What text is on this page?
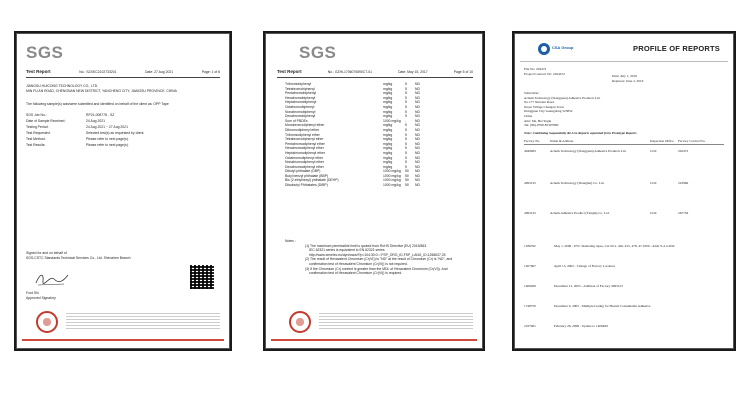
SGS
Test Report	No.: SZXEC2102733201	Date: 27 Aug 2021	Page: 1 of 6
JIANGSU HUICONG TECHNOLOGY CO., LTD.
MIN FU AN ROAD, CHENGNAN NEW DISTRICT, YANCHENG CITY, JIANGSU PROVINCE, CHINA
The following sample(s) was/were submitted and identified on behalf of the client as: OPP Tape
SGS Job No.:	RP21-008778 - SZ
Date of Sample Received:	24 Aug 2021
Testing Period:	24 Aug 2021 ~ 27 Aug 2021
Test Requested:	Selected test(s) as requested by client.
Test Method:	Please refer to next page(s).
Test Results:	Please refer to next page(s).
Signed for and on behalf of
SGS-CSTC Standards Technical Services Co., Ltd. Shenzhen Branch
Ford Shi
Approved Signatory
SGS
Test Report	No.: GZHL1706070890CT-01	Date: May 15, 2017	Page 5 of 10
Tribromobiphenyl	mg/kg	5	ND
Tetrabromobiphenyl	mg/kg	5	ND
Pentabromobiphenyl	mg/kg	5	ND
Hexabromobiphenyl	mg/kg	5	ND
Heptabromobiphenyl	mg/kg	5	ND
Octabromobiphenyl	mg/kg	5	ND
Nonabromobiphenyl	mg/kg	5	ND
Decabromobiphenyl	mg/kg	5	ND
Sum of PBDEs	1000 mg/kg	-	ND
Monobromodiphenyl ether	mg/kg	5	ND
Dibromodiphenyl ether	mg/kg	5	ND
Tribromodiphenyl ether	mg/kg	5	ND
Tetrabromodiphenyl ether	mg/kg	5	ND
Pentabromodiphenyl ether	mg/kg	5	ND
Hexabromodiphenyl ether	mg/kg	5	ND
Heptabromodiphenyl ether	mg/kg	5	ND
Octabromodiphenyl ether	mg/kg	5	ND
Nonabromodiphenyl ether	mg/kg	5	ND
Decabromodiphenyl ether	mg/kg	5	ND
Dibutyl phthalate (DBP)	1000 mg/kg	50	ND
Butyl benzyl phthalate (BBP)	1000 mg/kg	50	ND
Bis (2-ethylhexyl) phthalate (DEHP)	1000 mg/kg	50	ND
Diisobutyl Phthalates (DIBP)	1000 mg/kg	50	ND
Notes :
(1) The maximum permissible limit is quoted from RoHS Directive (EU) 2015/863.
IEC 62321 series is equivalent to EN 62321 series
http://www.cenelec.eu/dyn/www/f?p=104:30:0::::FSP_ORG_ID,FSP_LANG_ID:1258637,25
(2) The result of Hexavalent Chromium (Cr(VI)) is "ND" at the result of Chromium (Cr) is "ND", and
confirmation test of Hexavalent Chromium (Cr(VI)) is not required.
(3) If the Chromium (Cr) content is greater than the MDL of Hexavalent Chromium (Cr(VI)). And
confirmation test of Hexavalent Chromium (Cr(VI)) is required.
CSA Group	PROFILE OF REPORTS
File No: 202472
Project/Contract No: 2024472
Date: July 1, 2016
Replaces: June 2, 2016
Subscriber:
Achem Technology (Dongguan) Adhesive Products Ltd.
No.177 Xinxian Road
Jiuwu Village Changan Town
Dongguan City Guangdong 523852
China
Attn: Ms. Bei Yegin
Tel: (86)-0769-85307899
Note: Combining Sequentially Re-Use Reports separated from Prototype Reports
Factory No.	Name & Address	Inspection Office	Factory Control No.
4040963	Achem Technology (Dongguan) Adhesive Products Ltd.	COC	202472
4093125	Achem Technology (Shanghai) Co. Ltd.	COC	223966
4093125	Achem Adhesive Product (Tianjin) Co. Ltd.	COC	267756
1186792	May 1, 2006 - PVC Insulating tapes, Cat No's. 420, 455, 478, 47-1000 - Adds Y-4 to IDC
1207667	April 13, 2002 - Change of Factory Location
1406469	December 21, 2005 - Addition of Factory 4093125
1748750	December 9, 2005 - Multiple Listing for Heated Consumable Adhesive
2167961	February 26, 2008 - Update to 1406469
